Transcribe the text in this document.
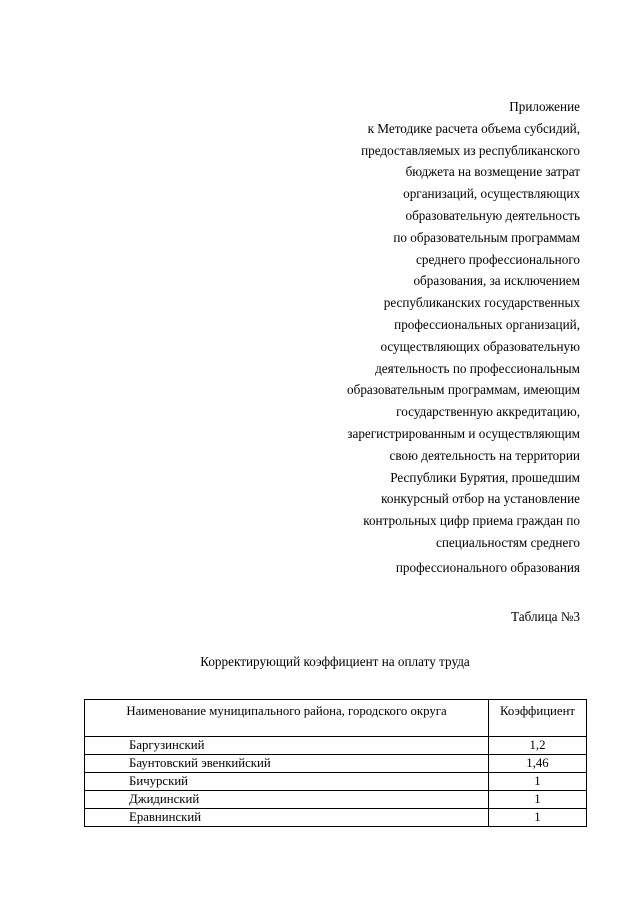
Приложение
к Методике расчета объема субсидий,
предоставляемых из республиканского
бюджета на возмещение затрат
организаций, осуществляющих
образовательную деятельность
по образовательным программам
среднего профессионального
образования, за исключением
республиканских государственных
профессиональных организаций,
осуществляющих образовательную
деятельность по профессиональным
образовательным программам, имеющим
государственную аккредитацию,
зарегистрированным и осуществляющим
свою деятельность на территории
Республики Бурятия, прошедшим
конкурсный отбор на установление
контрольных цифр приема граждан по
специальностям среднего
профессионального образования
Таблица №3
Корректирующий коэффициент на оплату труда
Наименование муниципального района, городского округа	Коэффициент
Баргузинский	1,2
Баунтовский эвенкийский	1,46
Бичурский	1
Джидинский	1
Еравнинский	1
